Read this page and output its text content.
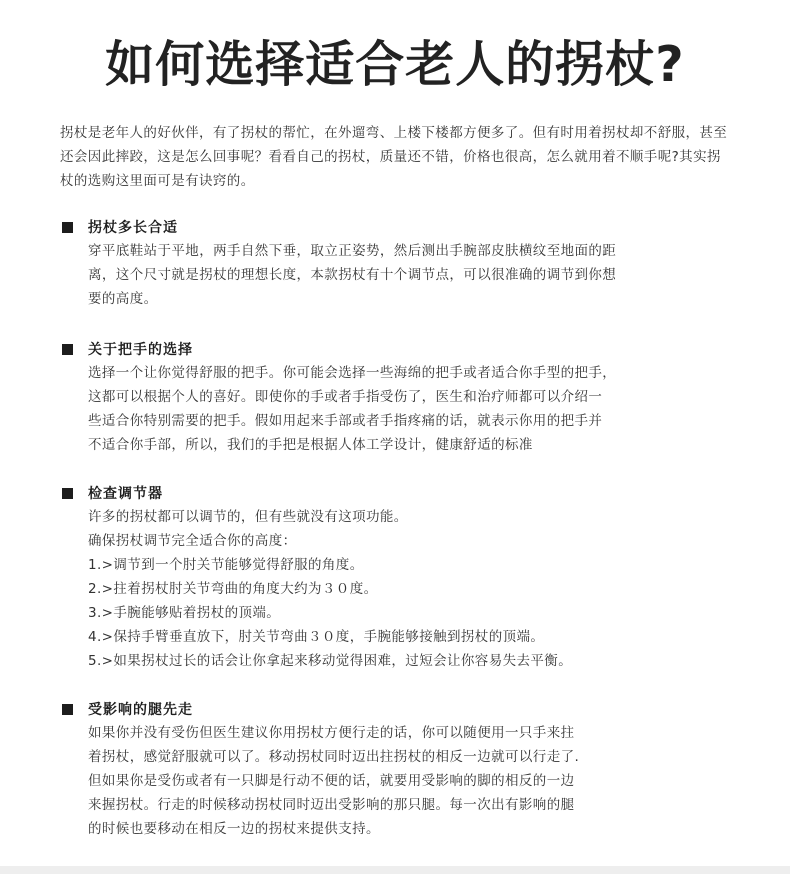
如何选择适合老人的拐杖?
拐杖是老年人的好伙伴，有了拐杖的帮忙，在外遛弯、上楼下楼都方便多了。但有时用着拐杖却不舒服，甚至还会因此摔跤，这是怎么回事呢？看看自己的拐杖，质量还不错，价格也很高，怎么就用着不顺手呢?其实拐杖的选购这里面可是有诀窍的。
拐杖多长合适

穿平底鞋站于平地，两手自然下垂，取立正姿势，然后测出手腕部皮肤横纹至地面的距

离，这个尺寸就是拐杖的理想长度，本款拐杖有十个调节点，可以很准确的调节到你想

要的高度。

关于把手的选择

选择一个让你觉得舒服的把手。你可能会选择一些海绵的把手或者适合你手型的把手，

这都可以根据个人的喜好。即使你的手或者手指受伤了，医生和治疗师都可以介绍一

些适合你特别需要的把手。假如用起来手部或者手指疼痛的话，就表示你用的把手并

不适合你手部，所以，我们的手把是根据人体工学设计，健康舒适的标准

检查调节器

许多的拐杖都可以调节的，但有些就没有这项功能。

确保拐杖调节完全适合你的高度：

1.>调节到一个肘关节能够觉得舒服的角度。

2.>拄着拐杖肘关节弯曲的角度大约为３０度。

3.>手腕能够贴着拐杖的顶端。

4.>保持手臂垂直放下，肘关节弯曲３０度，手腕能够接触到拐杖的顶端。

5.>如果拐杖过长的话会让你拿起来移动觉得困难，过短会让你容易失去平衡。

受影响的腿先走

如果你并没有受伤但医生建议你用拐杖方便行走的话，你可以随便用一只手来拄

着拐杖，感觉舒服就可以了。移动拐杖同时迈出拄拐杖的相反一边就可以行走了.

但如果你是受伤或者有一只脚是行动不便的话，就要用受影响的脚的相反的一边

来握拐杖。行走的时候移动拐杖同时迈出受影响的那只腿。每一次出有影响的腿

的时候也要移动在相反一边的拐杖来提供支持。
